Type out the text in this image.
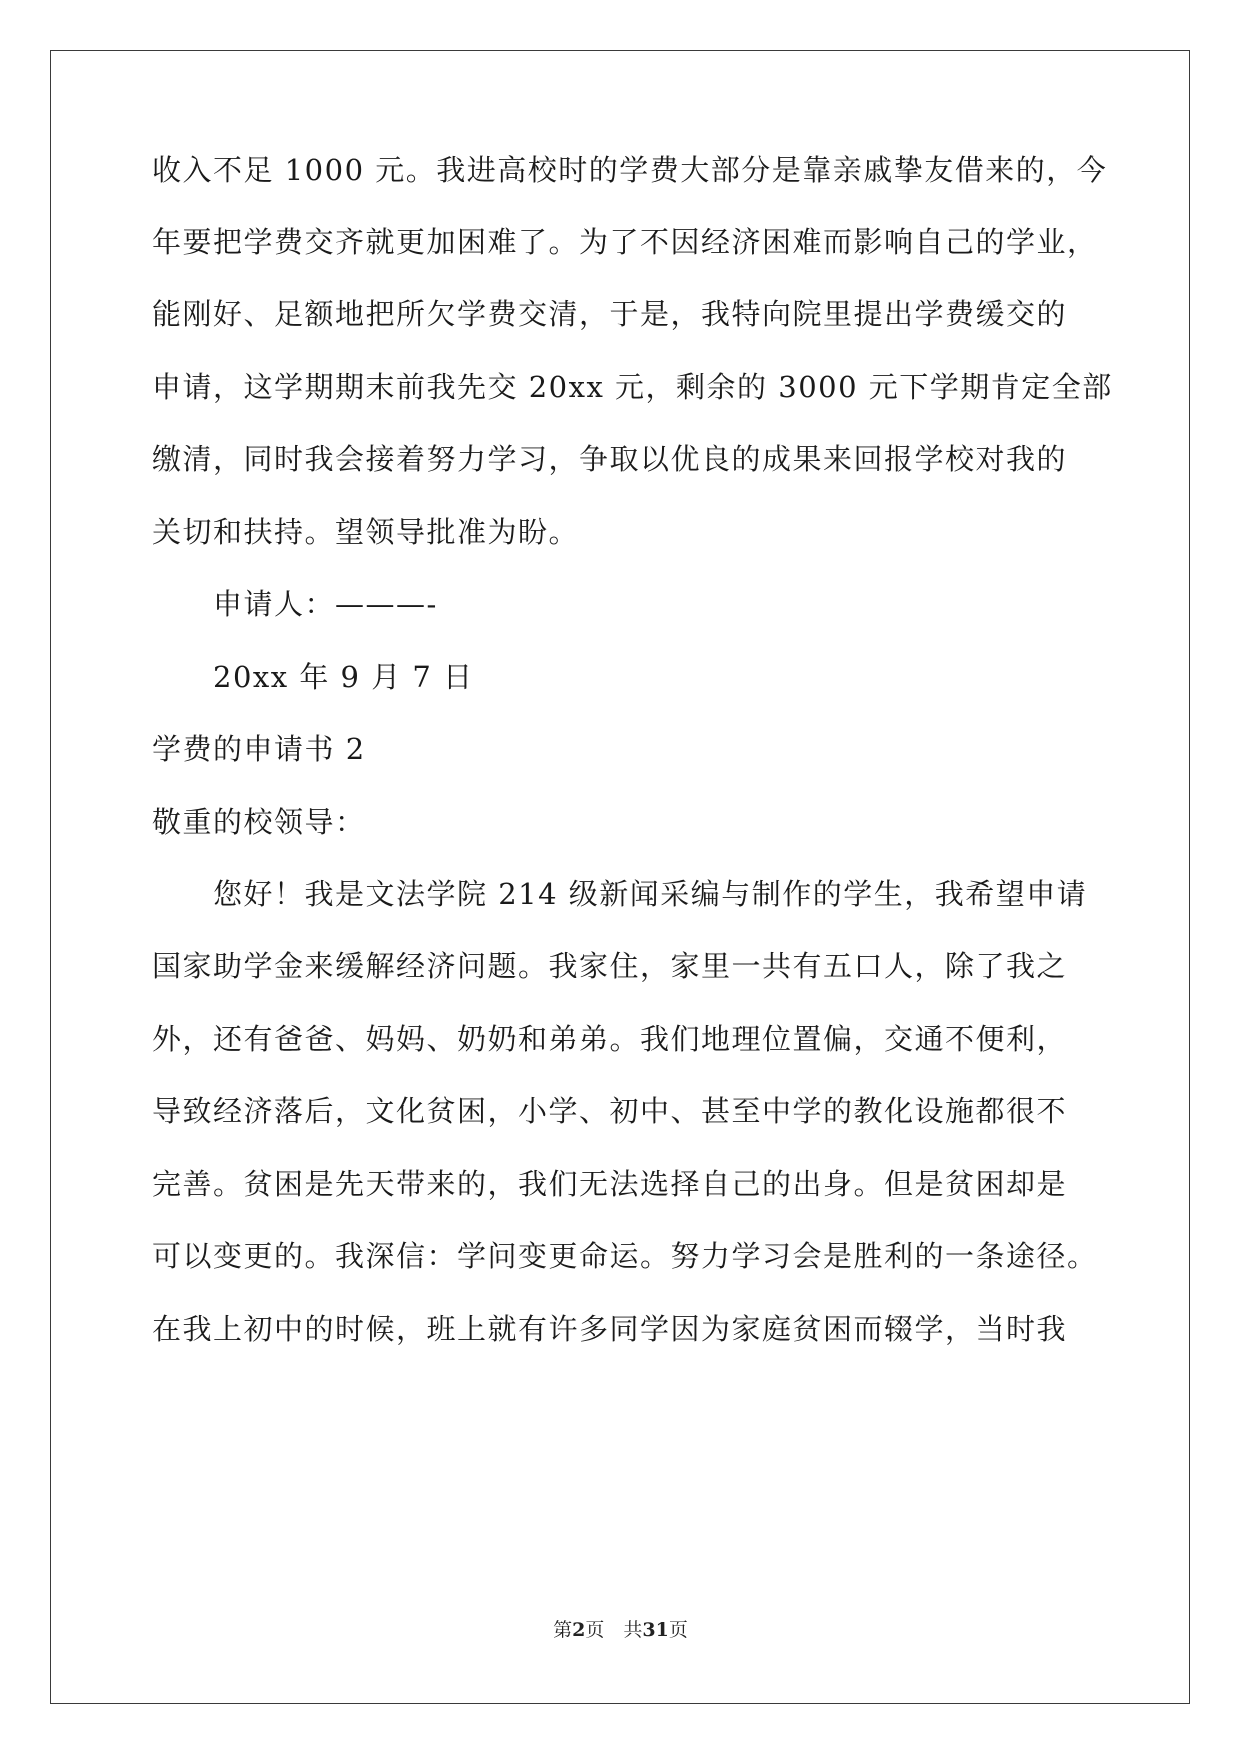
收入不足 1000 元。我进高校时的学费大部分是靠亲戚挚友借来的，今
年要把学费交齐就更加困难了。为了不因经济困难而影响自己的学业，
能刚好、足额地把所欠学费交清，于是，我特向院里提出学费缓交的
申请，这学期期末前我先交 20xx 元，剩余的 3000 元下学期肯定全部
缴清，同时我会接着努力学习，争取以优良的成果来回报学校对我的
关切和扶持。望领导批准为盼。
申请人：———-
20xx 年 9 月 7 日
学费的申请书 2
敬重的校领导：
您好！我是文法学院 214 级新闻采编与制作的学生，我希望申请
国家助学金来缓解经济问题。我家住，家里一共有五口人，除了我之
外，还有爸爸、妈妈、奶奶和弟弟。我们地理位置偏，交通不便利，
导致经济落后，文化贫困，小学、初中、甚至中学的教化设施都很不
完善。贫困是先天带来的，我们无法选择自己的出身。但是贫困却是
可以变更的。我深信：学问变更命运。努力学习会是胜利的一条途径。
在我上初中的时候，班上就有许多同学因为家庭贫困而辍学，当时我
第2页　共31页
